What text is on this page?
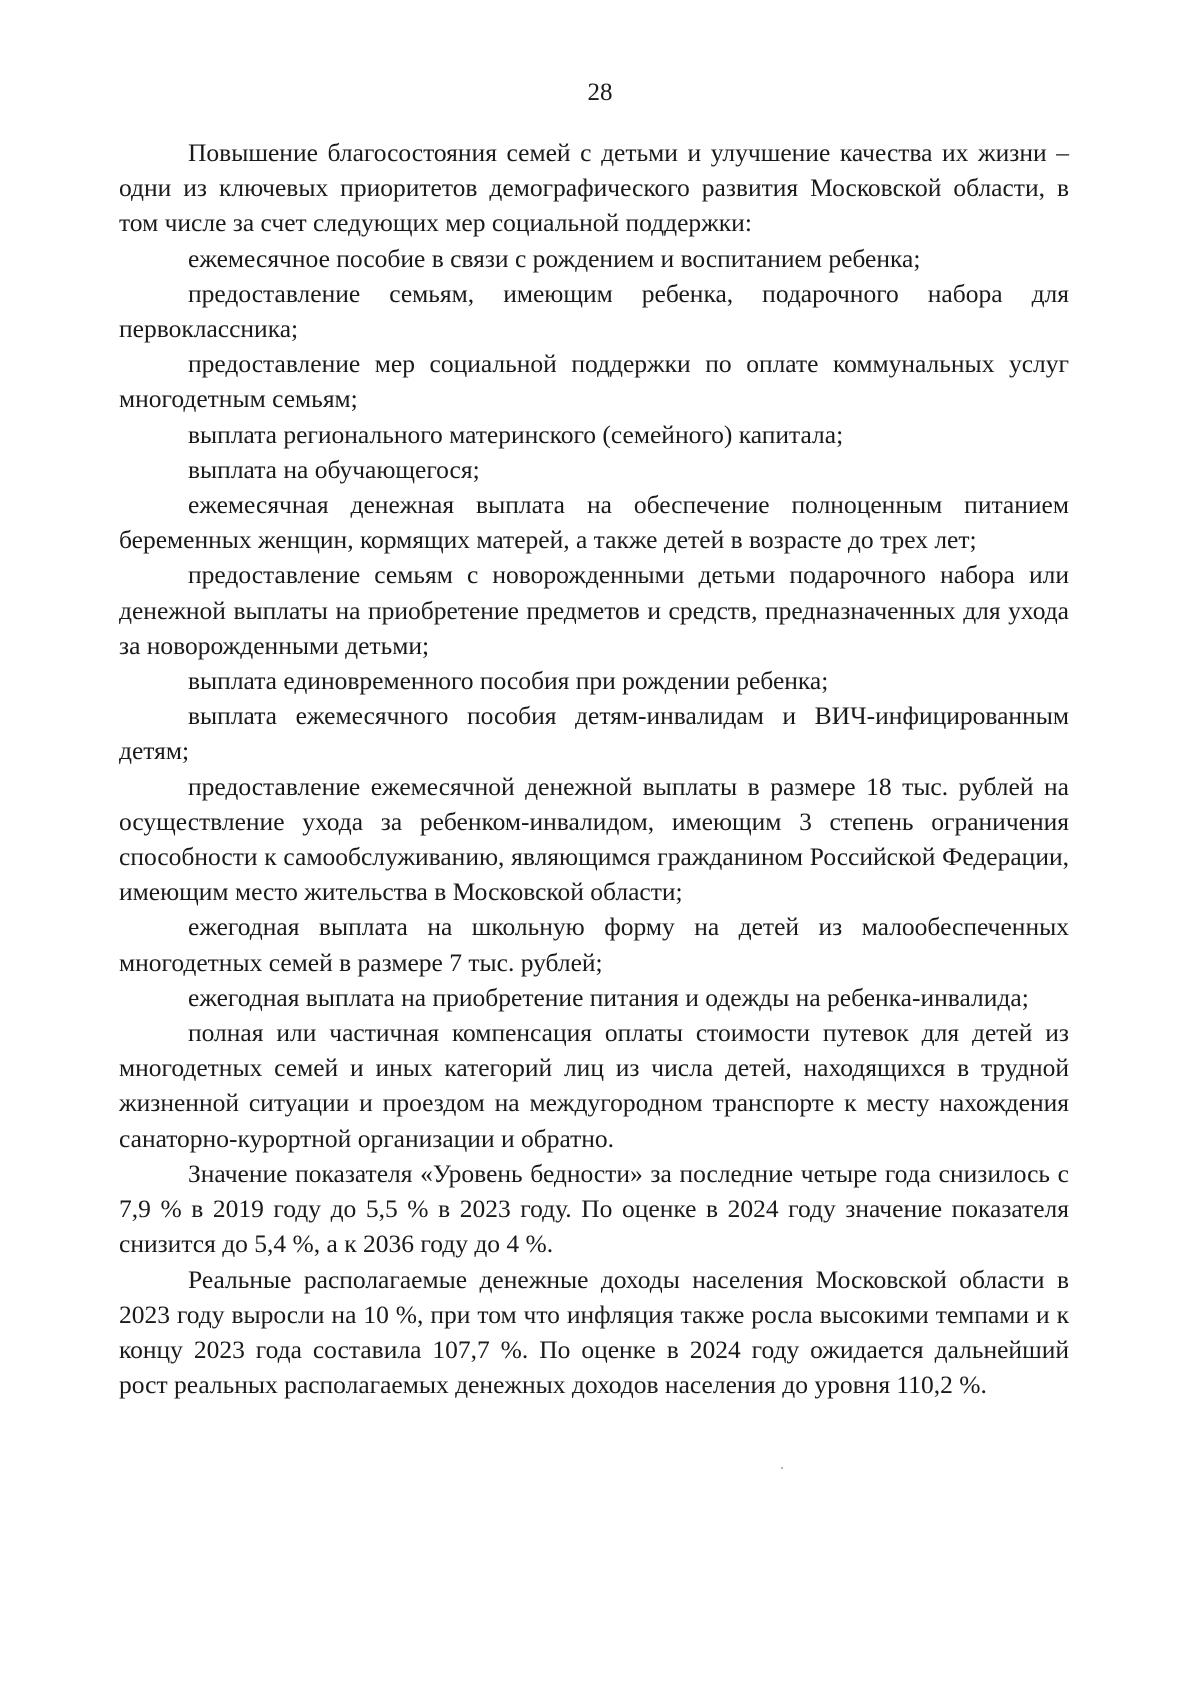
28

Повышение благосостояния семей с детьми и улучшение качества их жизни – одни из ключевых приоритетов демографического развития Московской области, в том числе за счет следующих мер социальной поддержки:

ежемесячное пособие в связи с рождением и воспитанием ребенка;

предоставление семьям, имеющим ребенка, подарочного набора для первоклассника;

предоставление мер социальной поддержки по оплате коммунальных услуг многодетным семьям;

выплата регионального материнского (семейного) капитала;

выплата на обучающегося;

ежемесячная денежная выплата на обеспечение полноценным питанием беременных женщин, кормящих матерей, а также детей в возрасте до трех лет;

предоставление семьям с новорожденными детьми подарочного набора или денежной выплаты на приобретение предметов и средств, предназначенных для ухода за новорожденными детьми;

выплата единовременного пособия при рождении ребенка;

выплата ежемесячного пособия детям-инвалидам и ВИЧ-инфицированным детям;

предоставление ежемесячной денежной выплаты в размере 18 тыс. рублей на осуществление ухода за ребенком-инвалидом, имеющим 3 степень ограничения способности к самообслуживанию, являющимся гражданином Российской Федерации, имеющим место жительства в Московской области;

ежегодная выплата на школьную форму на детей из малообеспеченных многодетных семей в размере 7 тыс. рублей;

ежегодная выплата на приобретение питания и одежды на ребенка-инвалида;

полная или частичная компенсация оплаты стоимости путевок для детей из многодетных семей и иных категорий лиц из числа детей, находящихся в трудной жизненной ситуации и проездом на междугородном транспорте к месту нахождения санаторно-курортной организации и обратно.

Значение показателя «Уровень бедности» за последние четыре года снизилось с 7,9 % в 2019 году до 5,5 % в 2023 году. По оценке в 2024 году значение показателя снизится до 5,4 %, а к 2036 году до 4 %.

Реальные располагаемые денежные доходы населения Московской области в 2023 году выросли на 10 %, при том что инфляция также росла высокими темпами и к концу 2023 года составила 107,7 %. По оценке в 2024 году ожидается дальнейший рост реальных располагаемых денежных доходов населения до уровня 110,2 %.
